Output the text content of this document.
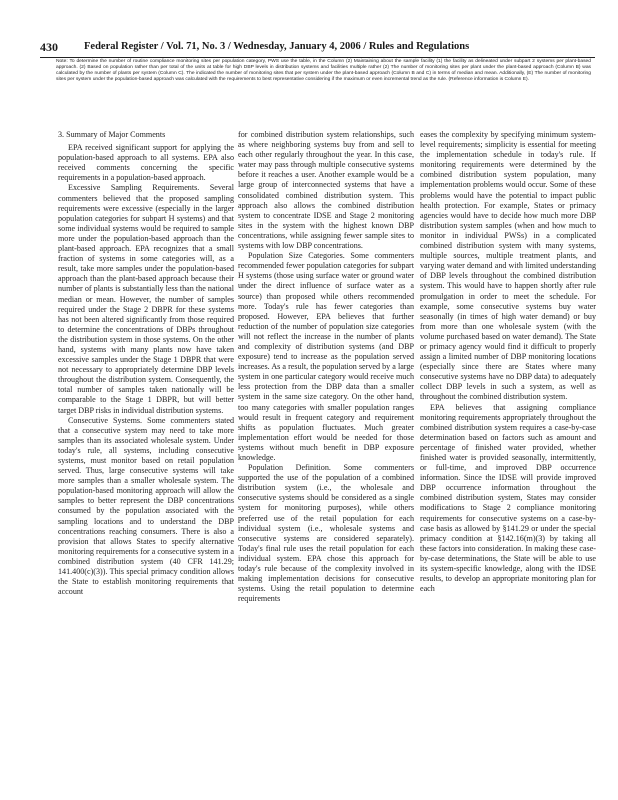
430 Federal Register / Vol. 71, No. 3 / Wednesday, January 4, 2006 / Rules and Regulations
Note: To determine the number of routine compliance monitoring sites per population category, PWS use the table, in the Column (2) Maintaining about the sample facility (1) the facility as delineated under subpart 2 systems per plant-based approach. (2) Based on population rather than per total of the units at table for high DBP levels in distribution systems and facilities multiple rather (2) The number of monitoring sites per plant under the plant-based approach (Column B) was calculated by the number of plants per system (Column C). The indicated the number of monitoring sites that per system under the plant-based approach (Column B and C) in terms of median and mean. Additionally, (E) The number of monitoring sites per system under the population-based approach was calculated with the requirements to best representative considering if the maximum or even incremental trend as the rule. (Reference information is Column E).

3. Summary of Major Comments

EPA received significant support for applying the population-based approach to all systems. EPA also received comments concerning the specific requirements in a population-based approach.

Excessive Sampling Requirements. Several commenters believed that the proposed sampling requirements were excessive (especially in the larger population categories for subpart H systems) and that some individual systems would be required to sample more under the population-based approach than the plant-based approach. EPA recognizes that a small fraction of systems in some categories will, as a result, take more samples under the population-based approach than the plant-based approach because their number of plants is substantially less than the national median or mean. However, the number of samples required under the Stage 2 DBPR for these systems has not been altered significantly from those required to determine the concentrations of DBPs throughout the distribution system in those systems. On the other hand, systems with many plants now have taken excessive samples under the Stage 1 DBPR that were not necessary to appropriately determine DBP levels throughout the distribution system. Consequently, the total number of samples taken nationally will be comparable to the Stage 1 DBPR, but will better target DBP risks in individual distribution systems.

Consecutive Systems. Some commenters stated that a consecutive system may need to take more samples than its associated wholesale system. Under today's rule, all systems, including consecutive systems, must monitor based on retail population served. Thus, large consecutive systems will take more samples than a smaller wholesale system. The population-based monitoring approach will allow the samples to better represent the DBP concentrations consumed by the population associated with the sampling locations and to understand the DBP concentrations reaching consumers. There is also a provision that allows States to specify alternative monitoring requirements for a consecutive system in a combined distribution system (40 CFR 141.29; 141.400(c)(3)). This special primacy condition allows the State to establish monitoring requirements that account

for combined distribution system relationships, such as where neighboring systems buy from and sell to each other regularly throughout the year. In this case, water may pass through multiple consecutive systems before it reaches a user. Another example would be a large group of interconnected systems that have a consolidated combined distribution system. This approach also allows the combined distribution system to concentrate IDSE and Stage 2 monitoring sites in the system with the highest known DBP concentrations, while assigning fewer sample sites to systems with low DBP concentrations.

Population Size Categories. Some commenters recommended fewer population categories for subpart H systems (those using surface water or ground water under the direct influence of surface water as a source) than proposed while others recommended more. Today's rule has fewer categories than proposed. However, EPA believes that further reduction of the number of population size categories will not reflect the increase in the number of plants and complexity of distribution systems (and DBP exposure) tend to increase as the population served increases. As a result, the population served by a large system in one particular category would receive much less protection from the DBP data than a smaller system in the same size category. On the other hand, too many categories with smaller population ranges would result in frequent category and requirement shifts as population fluctuates. Much greater implementation effort would be needed for those systems without much benefit in DBP exposure knowledge.

Population Definition. Some commenters supported the use of the population of a combined distribution system (i.e., the wholesale and consecutive systems should be considered as a single system for monitoring purposes), while others preferred use of the retail population for each individual system (i.e., wholesale systems and consecutive systems are considered separately). Today's final rule uses the retail population for each individual system. EPA chose this approach for today's rule because of the complexity involved in making implementation decisions for consecutive systems. Using the retail population to determine requirements

eases the complexity by specifying minimum system-level requirements; simplicity is essential for meeting the implementation schedule in today's rule. If monitoring requirements were determined by the combined distribution system population, many implementation problems would occur. Some of these problems would have the potential to impact public health protection. For example, States or primacy agencies would have to decide how much more DBP distribution system samples (when and how much to monitor in individual PWSs) in a complicated combined distribution system with many systems, multiple sources, multiple treatment plants, and varying water demand and with limited understanding of DBP levels throughout the combined distribution system. This would have to happen shortly after rule promulgation in order to meet the schedule. For example, some consecutive systems buy water seasonally (in times of high water demand) or buy from more than one wholesale system (with the volume purchased based on water demand). The State or primacy agency would find it difficult to properly assign a limited number of DBP monitoring locations (especially since there are States where many consecutive systems have no DBP data) to adequately collect DBP levels in such a system, as well as throughout the combined distribution system.

EPA believes that assigning compliance monitoring requirements appropriately throughout the combined distribution system requires a case-by-case determination based on factors such as amount and percentage of finished water provided, whether finished water is provided seasonally, intermittently, or full-time, and improved DBP occurrence information. Since the IDSE will provide improved DBP occurrence information throughout the combined distribution system, States may consider modifications to Stage 2 compliance monitoring requirements for consecutive systems on a case-by-case basis as allowed by §141.29 or under the special primacy condition at §142.16(m)(3) by taking all these factors into consideration. In making these case-by-case determinations, the State will be able to use its system-specific knowledge, along with the IDSE results, to develop an appropriate monitoring plan for each
